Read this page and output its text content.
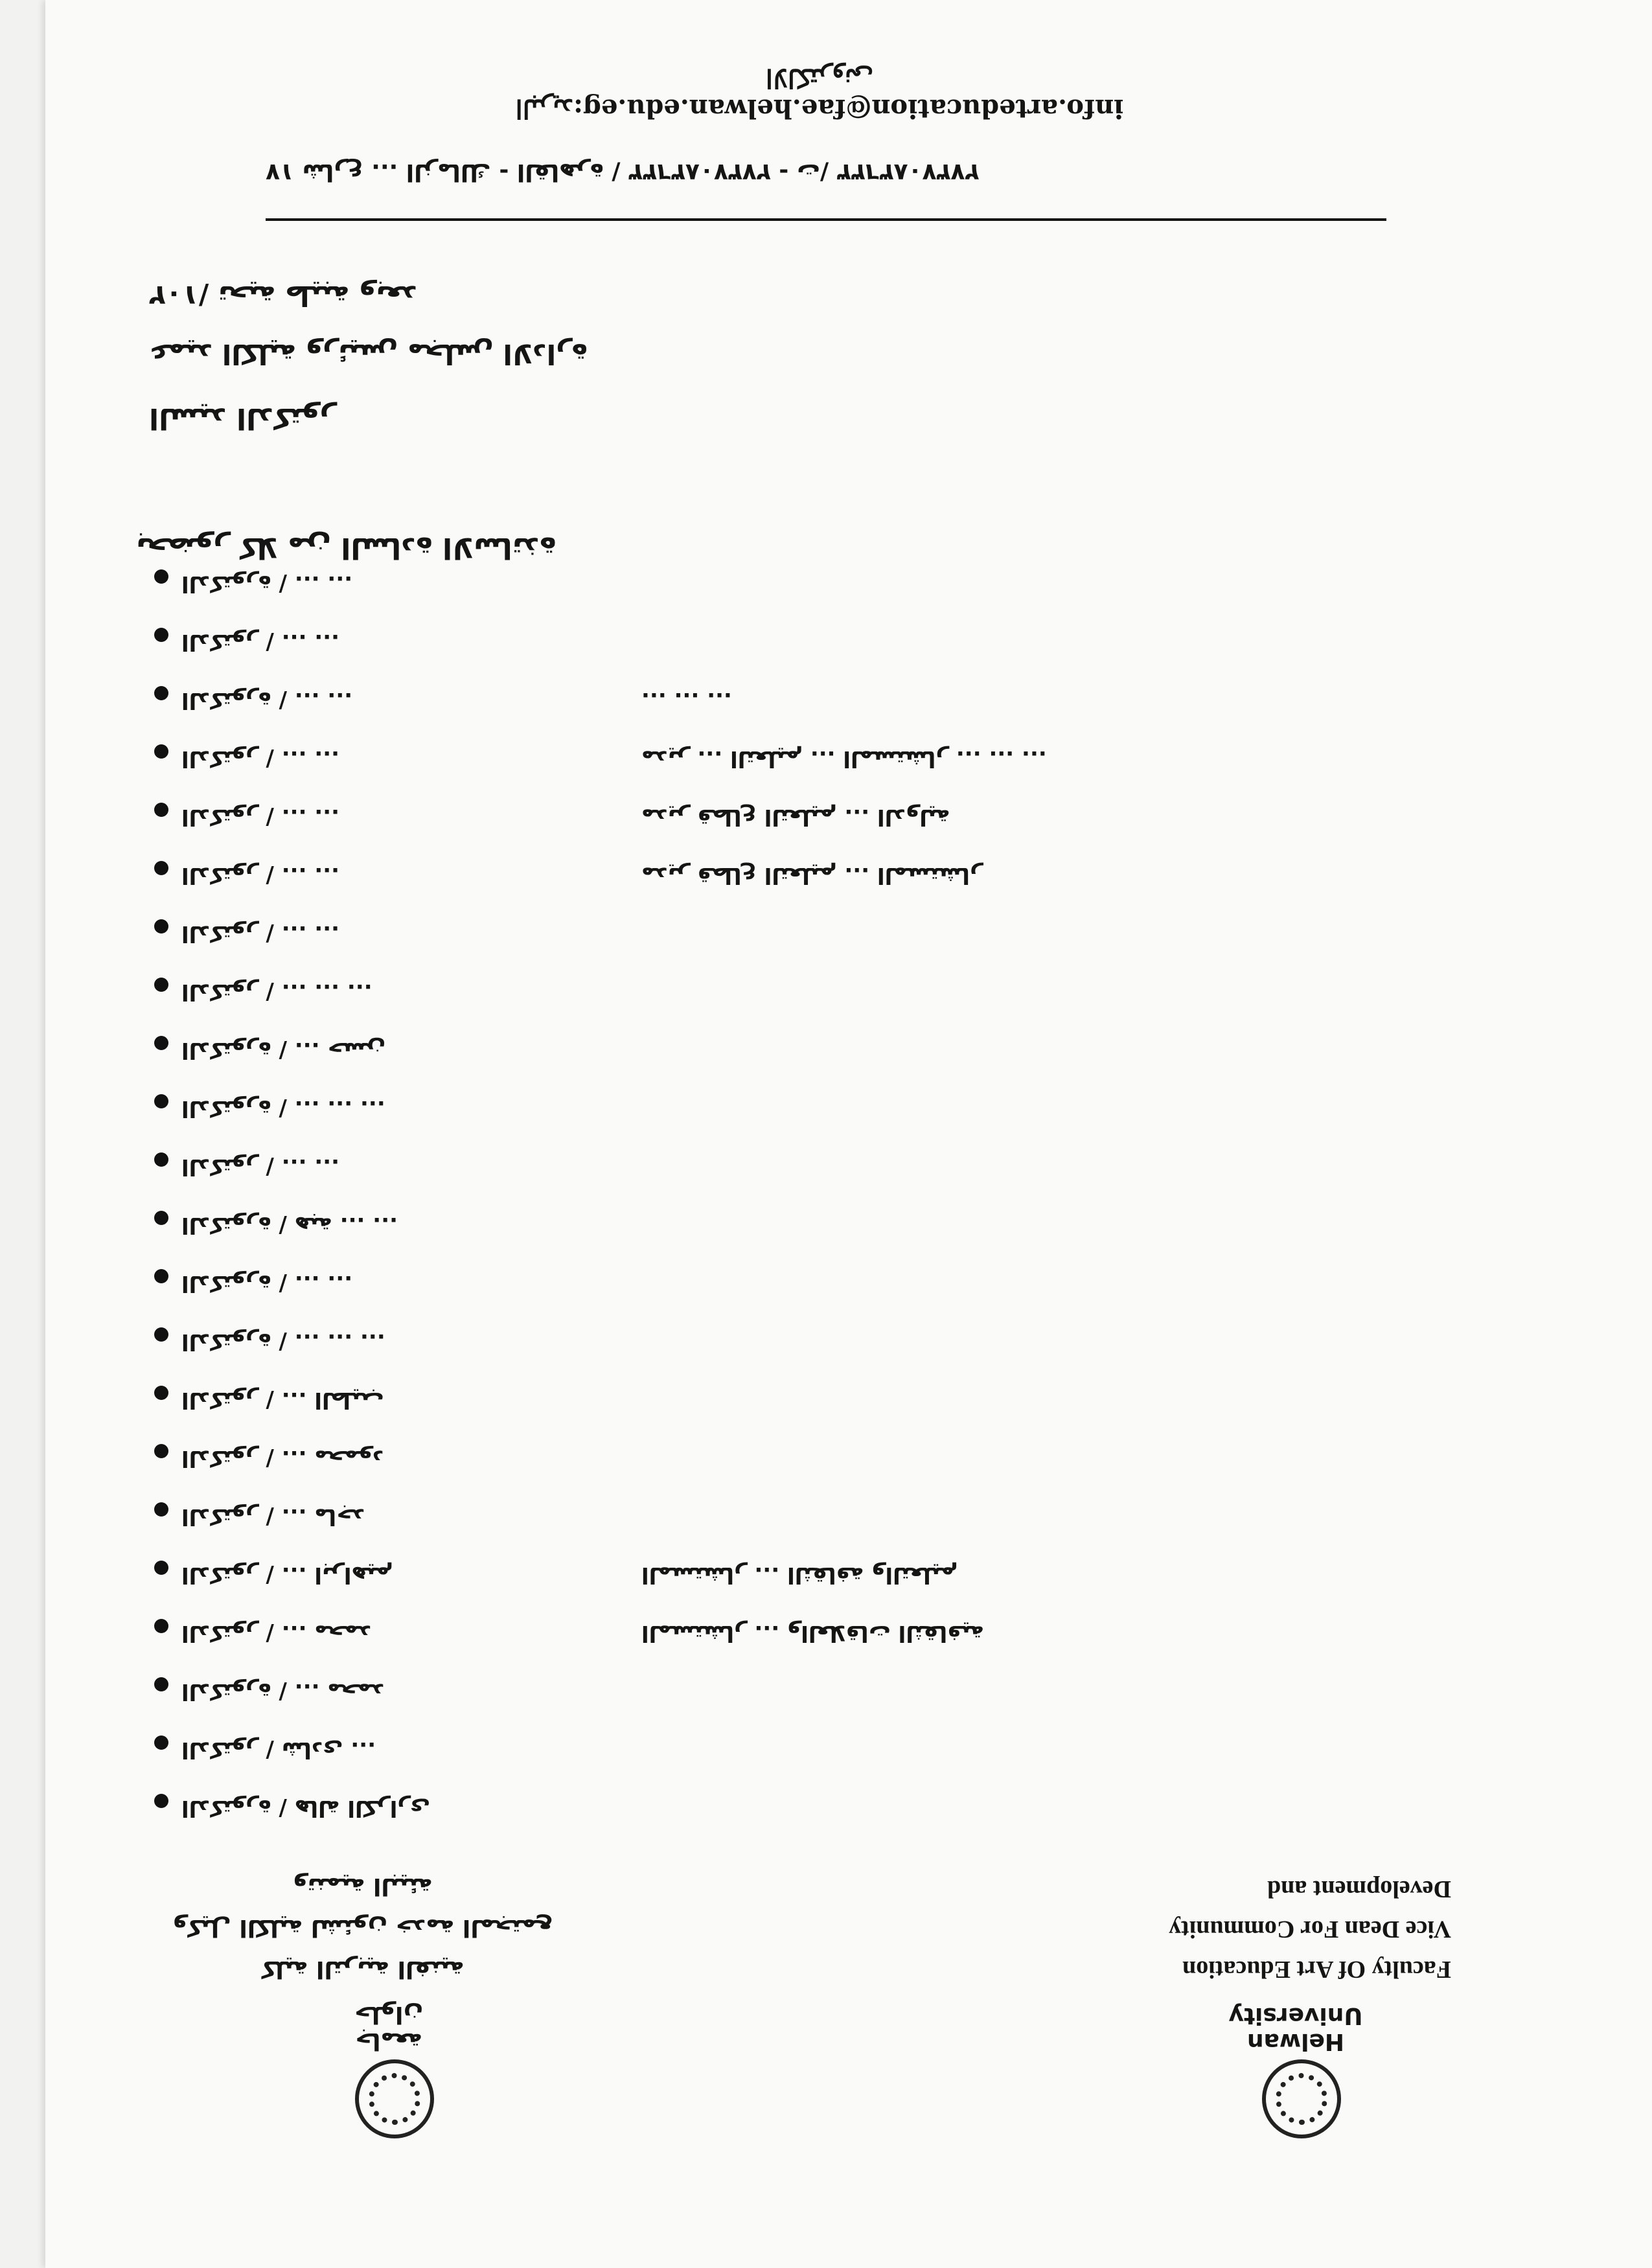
Helwan
University
جامعة حلوان
Faculty Of Art Education
Vice Dean For Community
Development and
كلية التربية الفنية
وكيل الكلية لشئون خدمة المجتمع
وتنمية البيئة
الدكتورة / هالة الكرارى
الدكتور / شادى ...
الدكتورة / ... محمد
الدكتور / ... محمد	المستشار ... والعلاقات الثقافية
الدكتور / ... ابراهيم	المستشار ... الثقافة والتعليم
الدكتور / ... ماجد
الدكتور / ... محمود
الدكتور / ... الطيب
الدكتورة / ... ... ...
الدكتورة / ... ...
الدكتورة / هبة ... ...
الدكتور / ... ...
الدكتورة / ... ... ...
الدكتورة / ... حسن
الدكتور / ... ... ...
الدكتور / ... ...
الدكتور / ... ...	مدير قطاع التعليم ... المستشار
الدكتور / ... ...	مدير قطاع التعليم ... الدولية
الدكتور / ... ...	مدير ... التعليم ... المستشار ... ... ...
الدكتورة / ... ...	... ... ...
الدكتور / ... ...
الدكتورة / ... ...
بحضور كلا من السادة الاساتذة
السيد الدكتور
عميد الكلية ورئيس مجلس الادارة
١٠٢/ تحية طيبة وبعد
١٧ شارع ... الزمالك - القاهرة / ٢٧٣٧٠٨٣٦٣٣ - ت/ ٢٧٣٧٠٨٣٦٣٣
info.arteducation@fae.helwan.edu.eg:البريد الالكترونى
